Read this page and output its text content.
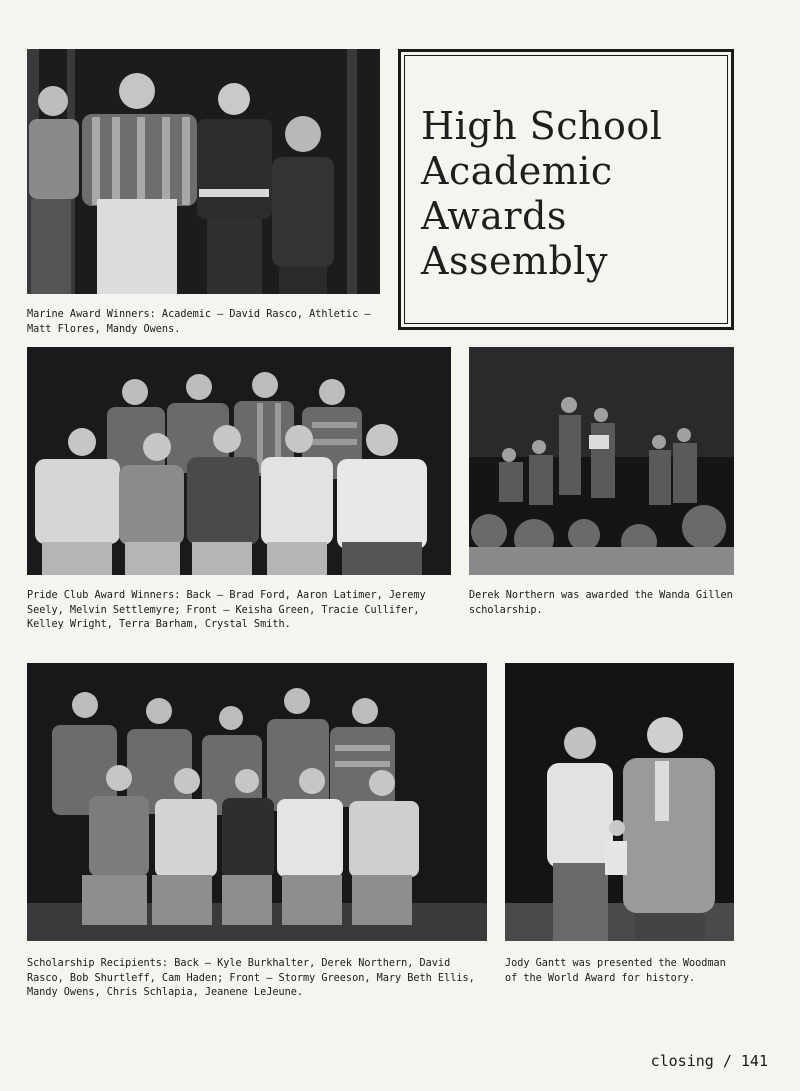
Marine Award Winners: Academic — David Rasco, Athletic — Matt Flores, Mandy Owens.

High School
Academic
Awards
Assembly

Pride Club Award Winners: Back — Brad Ford, Aaron Latimer, Jeremy Seely, Melvin Settlemyre; Front — Keisha Green, Tracie Cullifer, Kelley Wright, Terra Barham, Crystal Smith.

Derek Northern was awarded the Wanda Gillen scholarship.

Scholarship Recipients: Back — Kyle Burkhalter, Derek Northern, David Rasco, Bob Shurtleff, Cam Haden; Front — Stormy Greeson, Mary Beth Ellis, Mandy Owens, Chris Schlapia, Jeanene LeJeune.

Jody Gantt was presented the Woodman of the World Award for history.

closing / 141
